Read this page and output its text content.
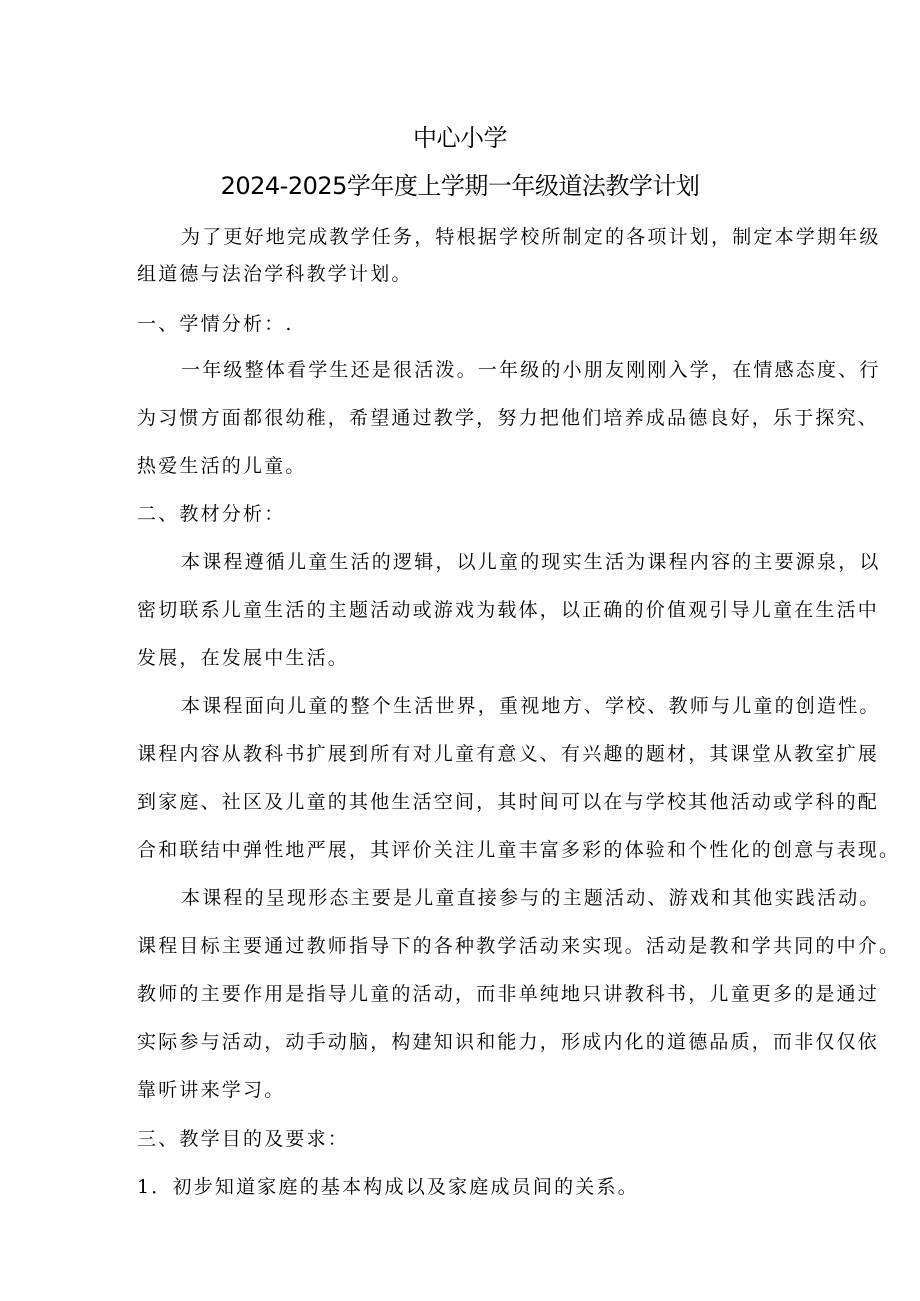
中心小学
2024-2025学年度上学期一年级道法教学计划
为了更好地完成教学任务，特根据学校所制定的各项计划，制定本学期年级
组道德与法治学科教学计划。
一、学情分析：.
一年级整体看学生还是很活泼。一年级的小朋友刚刚入学，在情感态度、行
为习惯方面都很幼稚，希望通过教学，努力把他们培养成品德良好，乐于探究、
热爱生活的儿童。
二、教材分析：
本课程遵循儿童生活的逻辑，以儿童的现实生活为课程内容的主要源泉，以
密切联系儿童生活的主题活动或游戏为载体，以正确的价值观引导儿童在生活中
发展，在发展中生活。
本课程面向儿童的整个生活世界，重视地方、学校、教师与儿童的创造性。
课程内容从教科书扩展到所有对儿童有意义、有兴趣的题材，其课堂从教室扩展
到家庭、社区及儿童的其他生活空间，其时间可以在与学校其他活动或学科的配
合和联结中弹性地严展，其评价关注儿童丰富多彩的体验和个性化的创意与表现。
本课程的呈现形态主要是儿童直接参与的主题活动、游戏和其他实践活动。
课程目标主要通过教师指导下的各种教学活动来实现。活动是教和学共同的中介。
教师的主要作用是指导儿童的活动，而非单纯地只讲教科书，儿童更多的是通过
实际参与活动，动手动脑，构建知识和能力，形成内化的道德品质，而非仅仅依
靠听讲来学习。
三、教学目的及要求：
1．初步知道家庭的基本构成以及家庭成员间的关系。
